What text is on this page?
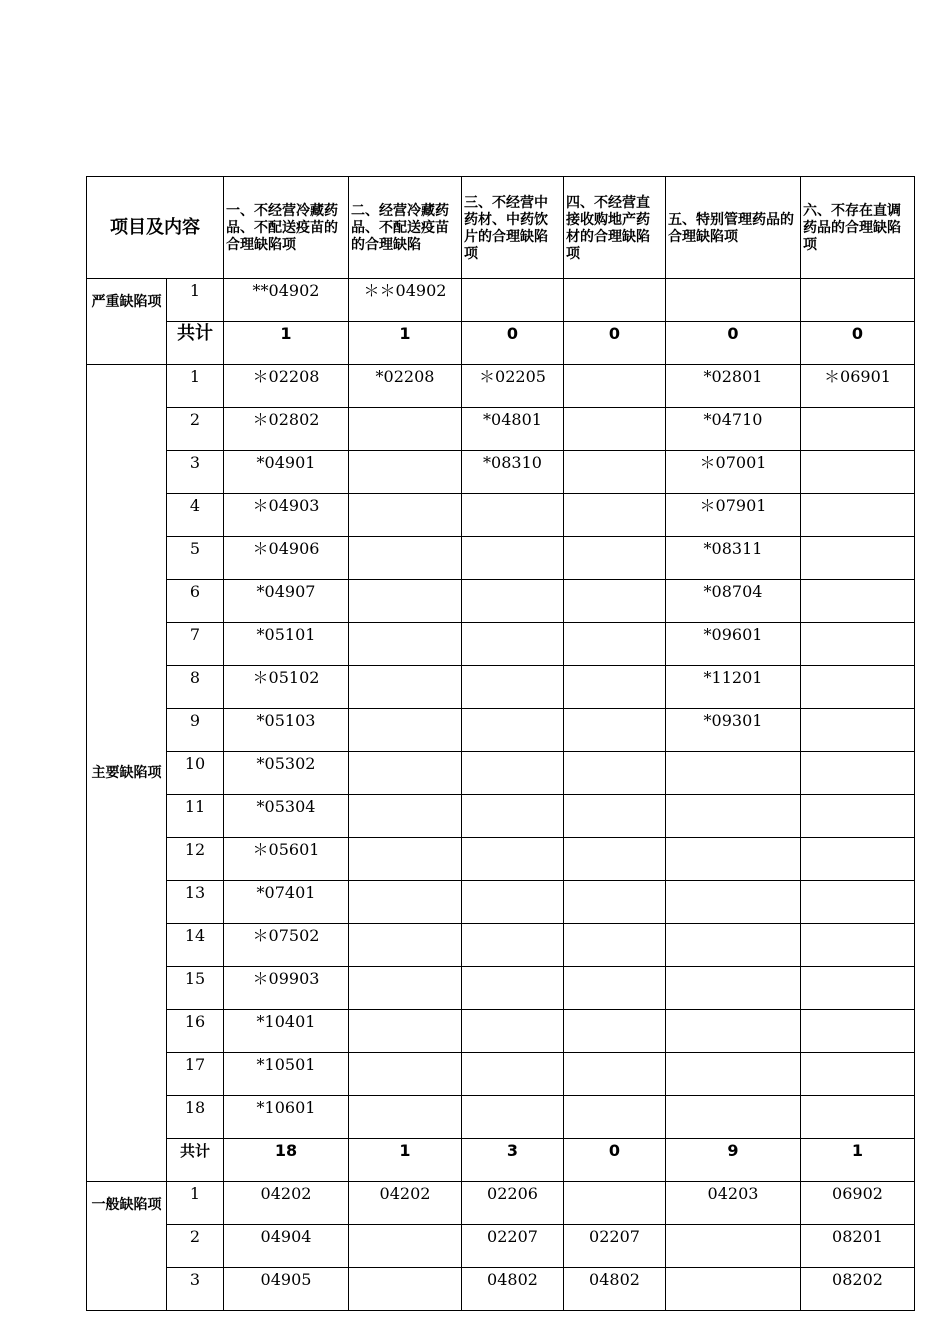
项目及内容		一、不经营冷藏药品、不配送疫苗的合理缺陷项	二、经营冷藏药品、不配送疫苗的合理缺陷	三、不经营中药材、中药饮片的合理缺陷项	四、不经营直接收购地产药材的合理缺陷项	五、特别管理药品的合理缺陷项	六、不存在直调药品的合理缺陷项
严重缺陷项	1	**04902	＊＊04902				
	共计	1	1	0	0	0	0
主要缺陷项	1	＊02208	*02208	＊02205		*02801	＊06901
	2	＊02802		*04801		*04710	
	3	*04901		*08310		＊07001	
	4	＊04903				＊07901	
	5	＊04906				*08311	
	6	*04907				*08704	
	7	*05101				*09601	
	8	＊05102				*11201	
	9	*05103				*09301	
	10	*05302					
	11	*05304					
	12	＊05601					
	13	*07401					
	14	＊07502					
	15	＊09903					
	16	*10401					
	17	*10501					
	18	*10601					
	共计	18	1	3	0	9	1
一般缺陷项	1	04202	04202	02206		04203	06902
	2	04904		02207	02207		08201
	3	04905		04802	04802		08202
